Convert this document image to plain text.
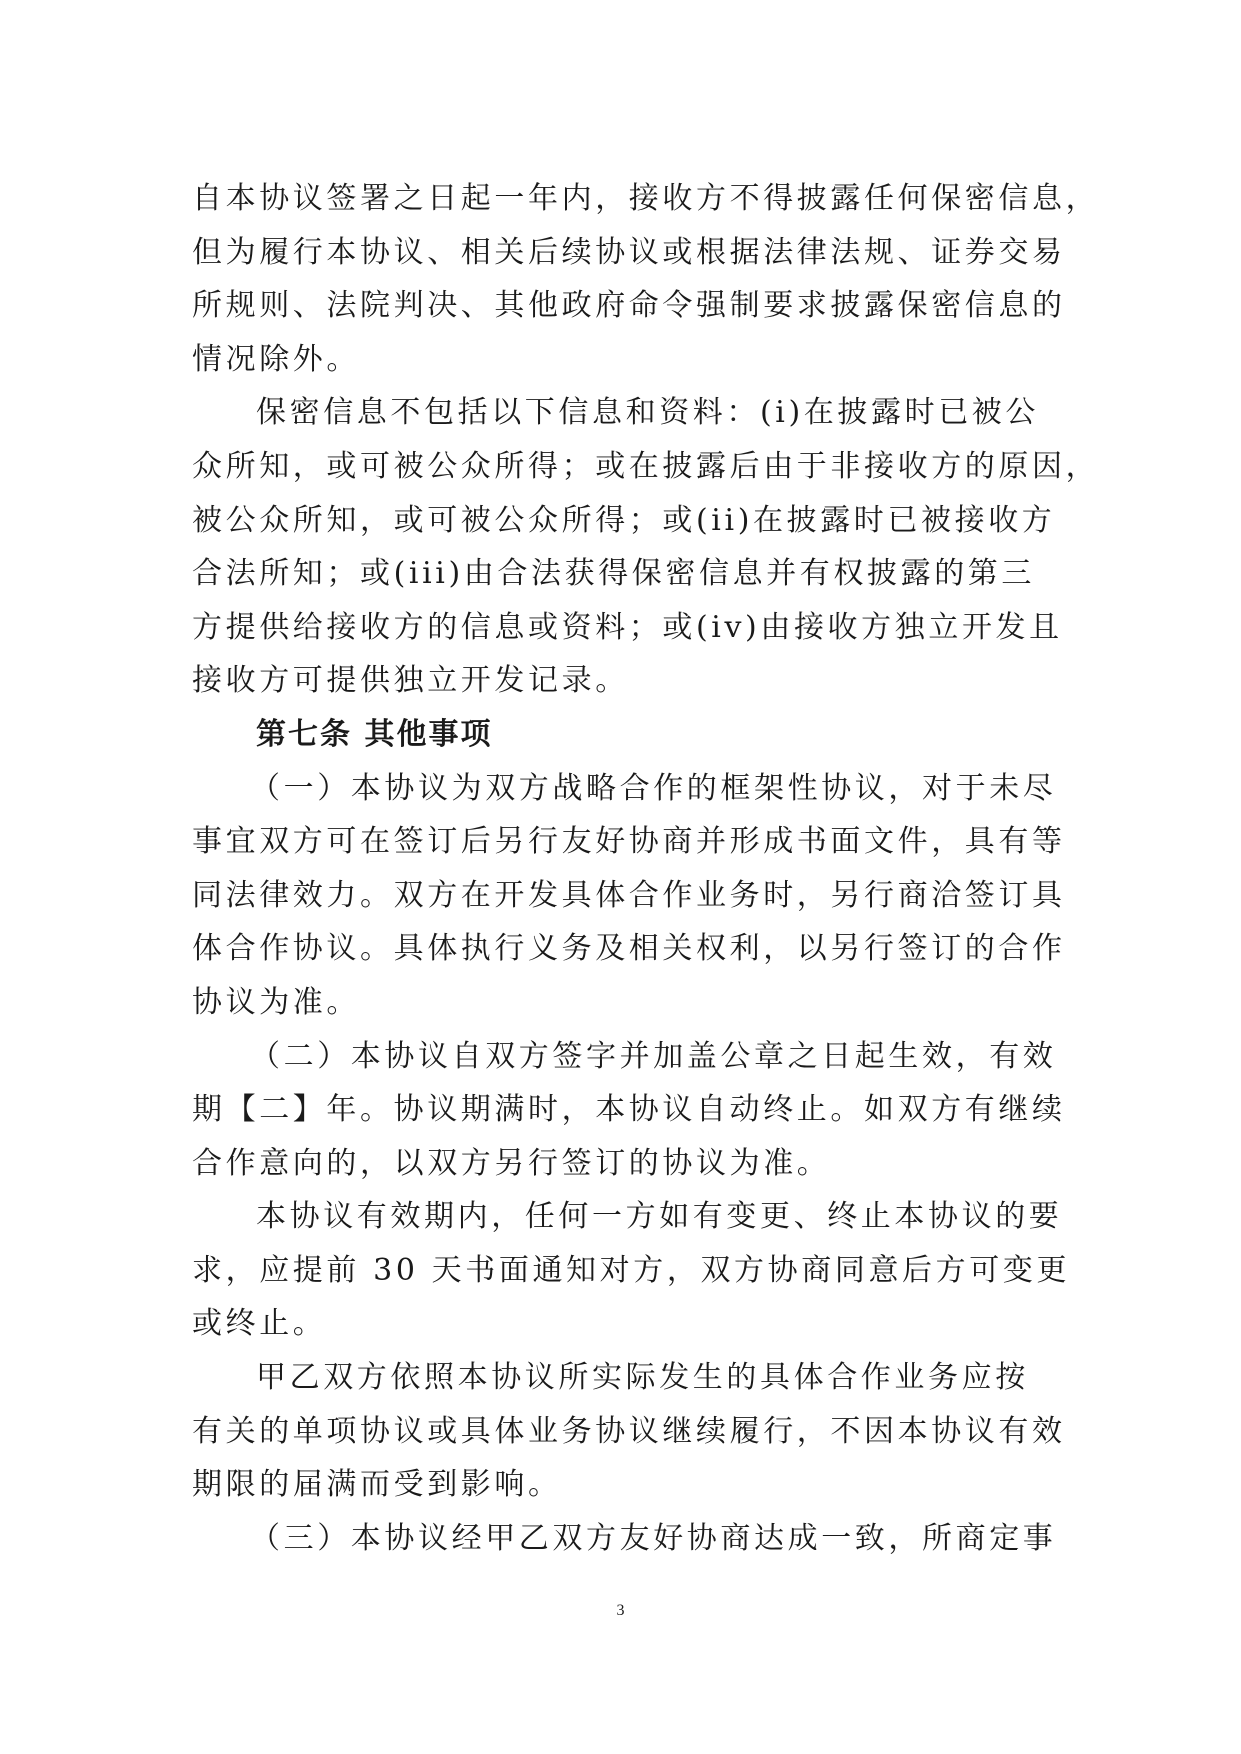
自本协议签署之日起一年内，接收方不得披露任何保密信息，
但为履行本协议、相关后续协议或根据法律法规、证券交易
所规则、法院判决、其他政府命令强制要求披露保密信息的
情况除外。
保密信息不包括以下信息和资料：(i)在披露时已被公
众所知，或可被公众所得；或在披露后由于非接收方的原因，
被公众所知，或可被公众所得；或(ii)在披露时已被接收方
合法所知；或(iii)由合法获得保密信息并有权披露的第三
方提供给接收方的信息或资料；或(iv)由接收方独立开发且
接收方可提供独立开发记录。
第七条 其他事项
（一）本协议为双方战略合作的框架性协议，对于未尽
事宜双方可在签订后另行友好协商并形成书面文件，具有等
同法律效力。双方在开发具体合作业务时，另行商洽签订具
体合作协议。具体执行义务及相关权利，以另行签订的合作
协议为准。
（二）本协议自双方签字并加盖公章之日起生效，有效
期【二】年。协议期满时，本协议自动终止。如双方有继续
合作意向的，以双方另行签订的协议为准。
本协议有效期内，任何一方如有变更、终止本协议的要
求，应提前 30 天书面通知对方，双方协商同意后方可变更
或终止。
甲乙双方依照本协议所实际发生的具体合作业务应按
有关的单项协议或具体业务协议继续履行，不因本协议有效
期限的届满而受到影响。
（三）本协议经甲乙双方友好协商达成一致，所商定事
3
